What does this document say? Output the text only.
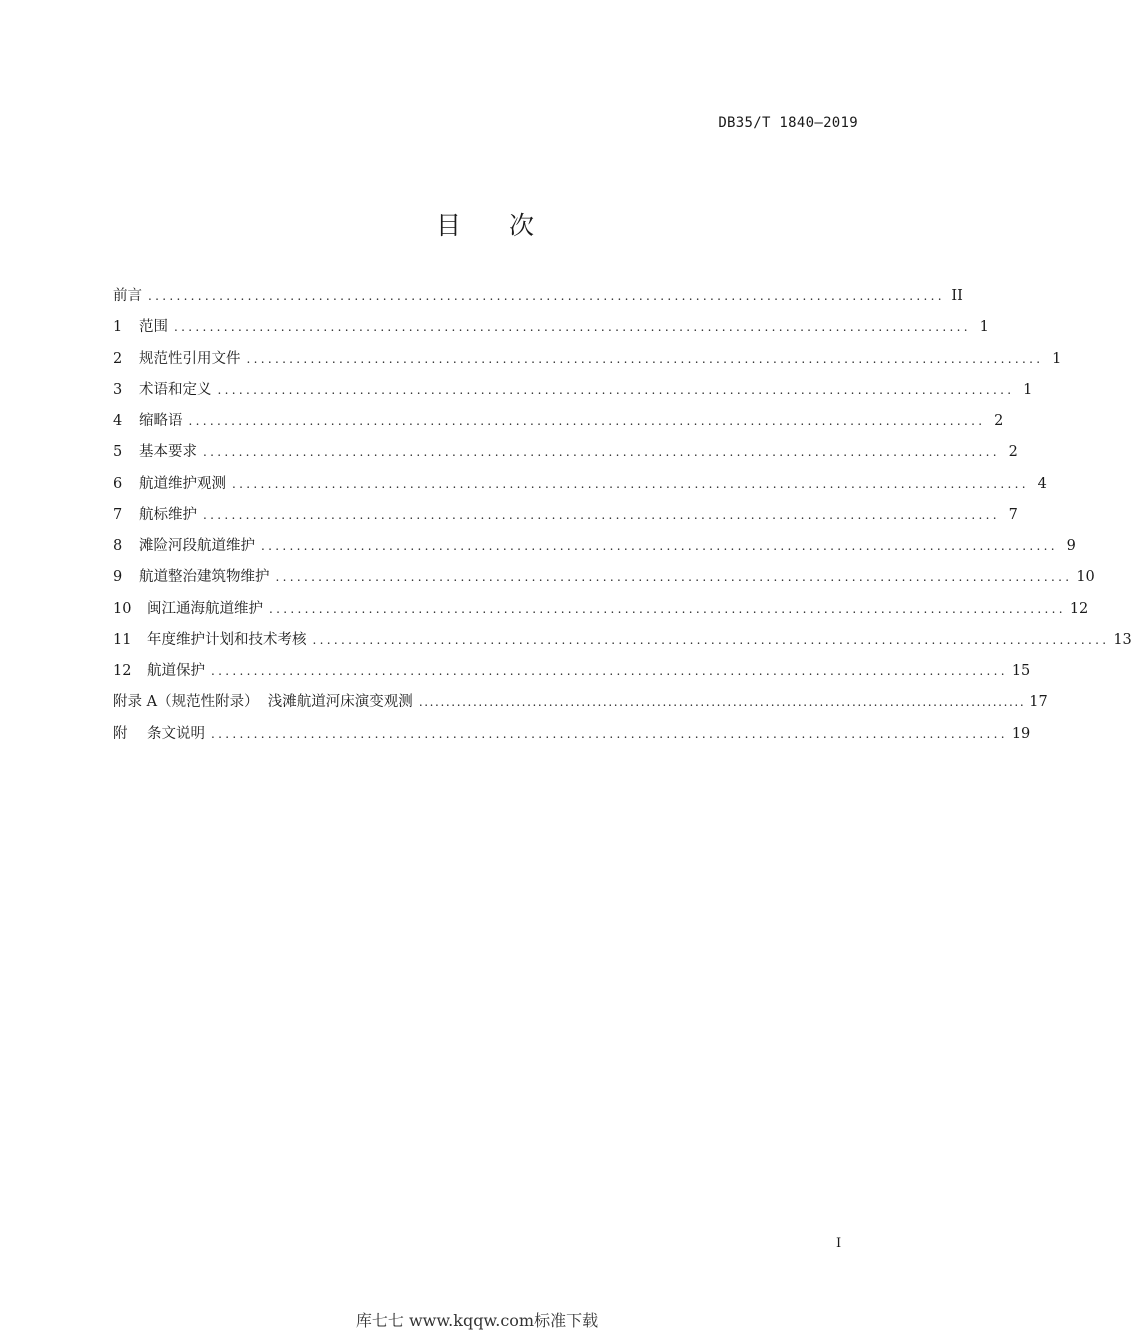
DB35/T 1840—2019
目 次
前言 ................................................................................................................ II
1	范围 ................................................................................................................ 1
2	规范性引用文件 ................................................................................................................ 1
3	术语和定义 ................................................................................................................ 1
4	缩略语 ................................................................................................................ 2
5	基本要求 ................................................................................................................ 2
6	航道维护观测 ................................................................................................................ 4
7	航标维护 ................................................................................................................ 7
8	滩险河段航道维护 ................................................................................................................ 9
9	航道整治建筑物维护 ................................................................................................................ 10
10	闽江通海航道维护 ................................................................................................................ 12
11	年度维护计划和技术考核 ................................................................................................................ 13
12	航道保护 ................................................................................................................ 15
附录 A（规范性附录）  浅滩航道河床演变观测 ................................................................................................................ 17
附	条文说明 ................................................................................................................ 19
I
库七七 www.kqqw.com标准下载
